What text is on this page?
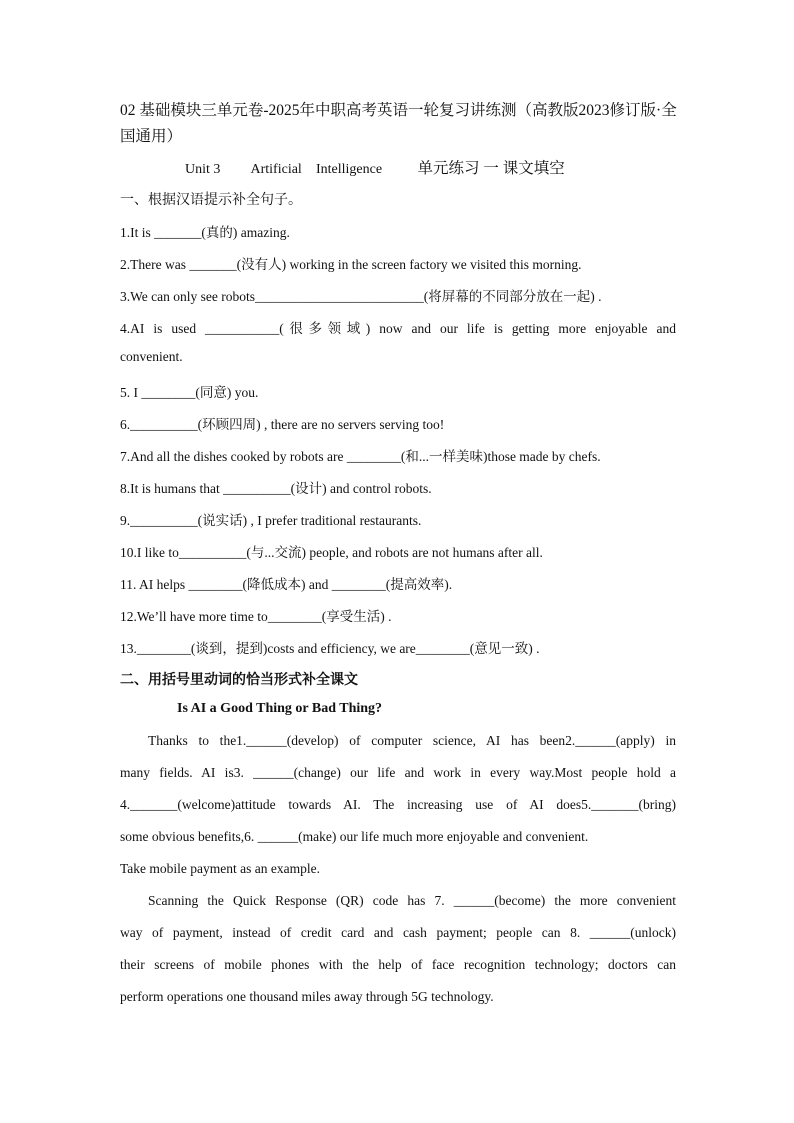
02 基础模块三单元卷-2025年中职高考英语一轮复习讲练测（高教版2023修订版·全国通用）
Unit 3 Artificial Intelligence 单元练习 一 课文填空
一、根据汉语提示补全句子。
1.It is _______(真的) amazing.
2.There was _______(没有人) working in the screen factory we visited this morning.
3.We can only see robots_________________________(将屏幕的不同部分放在一起) .
4.AI is used ___________(很多领域) now and our life is getting more enjoyable and
convenient.
5. I ________(同意) you.
6.__________(环顾四周) , there are no servers serving too!
7.And all the dishes cooked by robots are ________(和...一样美味)those made by chefs.
8.It is humans that __________(设计) and control robots.
9.__________(说实话) , I prefer traditional restaurants.
10.I like to__________(与...交流) people, and robots are not humans after all.
11. AI helps ________(降低成本) and ________(提高效率).
12.We’ll have more time to________(享受生活) .
13.________(谈到，提到)costs and efficiency, we are________(意见一致) .
二、用括号里动词的恰当形式补全课文
Is AI a Good Thing or Bad Thing?
Thanks to the1.______(develop) of computer science, AI has been2.______(apply) in
many fields. AI is3. ______(change) our life and work in every way.Most people hold a
4._______(welcome)attitude towards AI. The increasing use of AI does5._______(bring)
some obvious benefits,6. ______(make) our life much more enjoyable and convenient.
Take mobile payment as an example.
Scanning the Quick Response (QR) code has 7. ______(become) the more convenient
way of payment, instead of credit card and cash payment; people can 8. ______(unlock)
their screens of mobile phones with the help of face recognition technology; doctors can
perform operations one thousand miles away through 5G technology.
